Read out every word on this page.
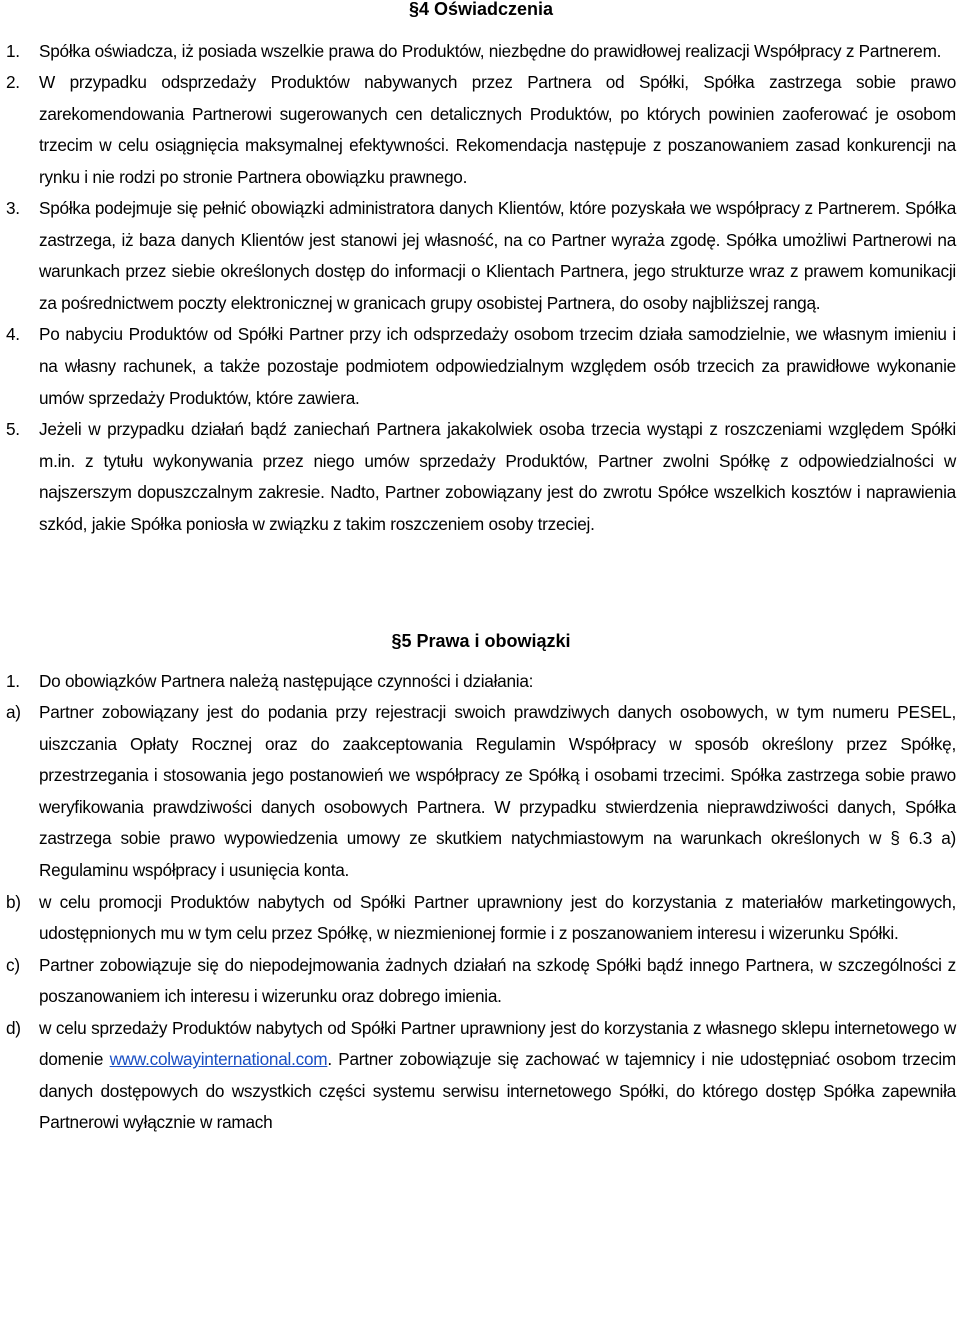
§4 Oświadczenia
1.	Spółka oświadcza, iż posiada wszelkie prawa do Produktów, niezbędne do prawidłowej realizacji Współpracy z Partnerem.
2.	W przypadku odsprzedaży Produktów nabywanych przez Partnera od Spółki, Spółka zastrzega sobie prawo zarekomendowania Partnerowi sugerowanych cen detalicznych Produktów, po których powinien zaoferować je osobom trzecim w celu osiągnięcia maksymalnej efektywności. Rekomendacja następuje z poszanowaniem zasad konkurencji na rynku i nie rodzi po stronie Partnera obowiązku prawnego.
3.	Spółka podejmuje się pełnić obowiązki administratora danych Klientów, które pozyskała we współpracy z Partnerem. Spółka zastrzega, iż baza danych Klientów jest stanowi jej własność, na co Partner wyraża zgodę. Spółka umożliwi Partnerowi na warunkach przez siebie określonych dostęp do informacji o Klientach Partnera, jego strukturze wraz z prawem komunikacji za pośrednictwem poczty elektronicznej w granicach grupy osobistej Partnera, do osoby najbliższej rangą.
4.	Po nabyciu Produktów od Spółki Partner przy ich odsprzedaży osobom trzecim działa samodzielnie, we własnym imieniu i na własny rachunek, a także pozostaje podmiotem odpowiedzialnym względem osób trzecich za prawidłowe wykonanie umów sprzedaży Produktów, które zawiera.
5.	Jeżeli w przypadku działań bądź zaniechań Partnera jakakolwiek osoba trzecia wystąpi z roszczeniami względem Spółki m.in. z tytułu wykonywania przez niego umów sprzedaży Produktów, Partner zwolni Spółkę z odpowiedzialności w najszerszym dopuszczalnym zakresie. Nadto, Partner zobowiązany jest do zwrotu Spółce wszelkich kosztów i naprawienia szkód, jakie Spółka poniosła w związku z takim roszczeniem osoby trzeciej.
§5 Prawa i obowiązki
1.	Do obowiązków Partnera należą następujące czynności i działania:
a)	Partner zobowiązany jest do podania przy rejestracji swoich prawdziwych danych osobowych, w tym numeru PESEL, uiszczania Opłaty Rocznej oraz do zaakceptowania Regulamin Współpracy w sposób określony przez Spółkę, przestrzegania i stosowania jego postanowień we współpracy ze Spółką i osobami trzecimi. Spółka zastrzega sobie prawo weryfikowania prawdziwości danych osobowych Partnera. W przypadku stwierdzenia nieprawdziwości danych, Spółka zastrzega sobie prawo wypowiedzenia umowy ze skutkiem natychmiastowym na warunkach określonych w § 6.3 a) Regulaminu współpracy i usunięcia konta.
b)	w celu promocji Produktów nabytych od Spółki Partner uprawniony jest do korzystania z materiałów marketingowych, udostępnionych mu w tym celu przez Spółkę, w niezmienionej formie i z poszanowaniem interesu i wizerunku Spółki.
c)	Partner zobowiązuje się do niepodejmowania żadnych działań na szkodę Spółki bądź innego Partnera, w szczególności z poszanowaniem ich interesu i wizerunku oraz dobrego imienia.
d)	w celu sprzedaży Produktów nabytych od Spółki Partner uprawniony jest do korzystania z własnego sklepu internetowego w domenie www.colwayinternational.com. Partner zobowiązuje się zachować w tajemnicy i nie udostępniać osobom trzecim danych dostępowych do wszystkich części systemu serwisu internetowego Spółki, do którego dostęp Spółka zapewniła Partnerowi wyłącznie w ramach
